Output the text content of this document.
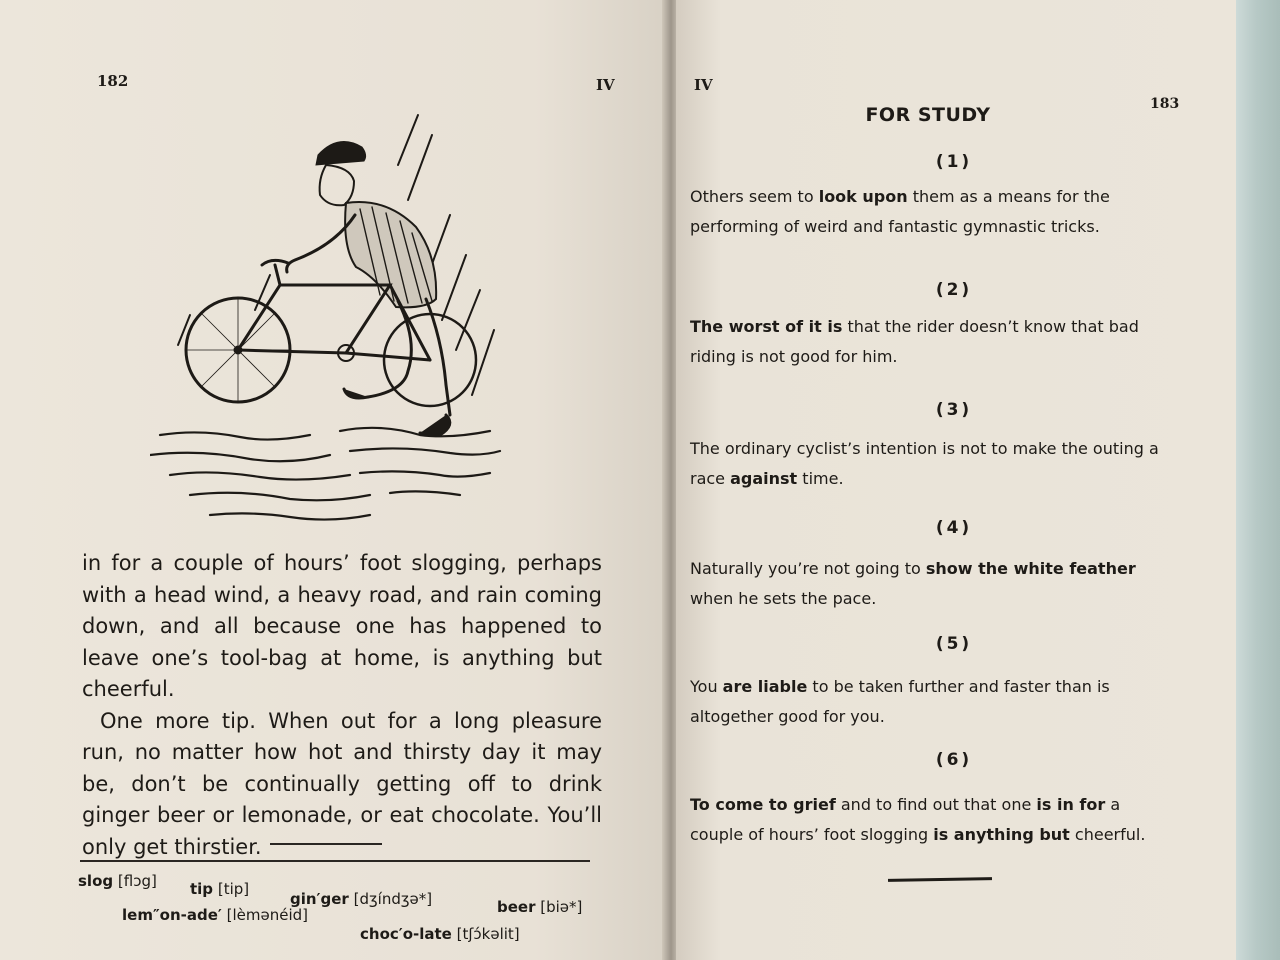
182	IV

in for a couple of hours’ foot slogging, perhaps with a head wind, a heavy road, and rain coming down, and all because one has happened to leave one’s tool-bag at home, is anything but cheerful.

One more tip. When out for a long pleasure run, no matter how hot and thirsty day it may be, don’t be continually getting off to drink ginger beer or lemonade, or eat chocolate. You’ll only get thirstier.

slog [flɔg] tip [tip]
gin′ger [dʒíndʒə*]	beer [biə*]
lem″on-ade′ [lèmənéid]
choc′o-late [tʃɔ́kəlit]
IV
183
FOR STUDY
(1)
Others seem to look upon them as a means for the performing of weird and fantastic gymnastic tricks.
(2)
The worst of it is that the rider doesn’t know that bad riding is not good for him.
(3)
The ordinary cyclist’s intention is not to make the outing a race against time.
(4)
Naturally you’re not going to show the white feather when he sets the pace.
(5)
You are liable to be taken further and faster than is altogether good for you.
(6)
To come to grief and to find out that one is in for a couple of hours’ foot slogging is anything but cheerful.
